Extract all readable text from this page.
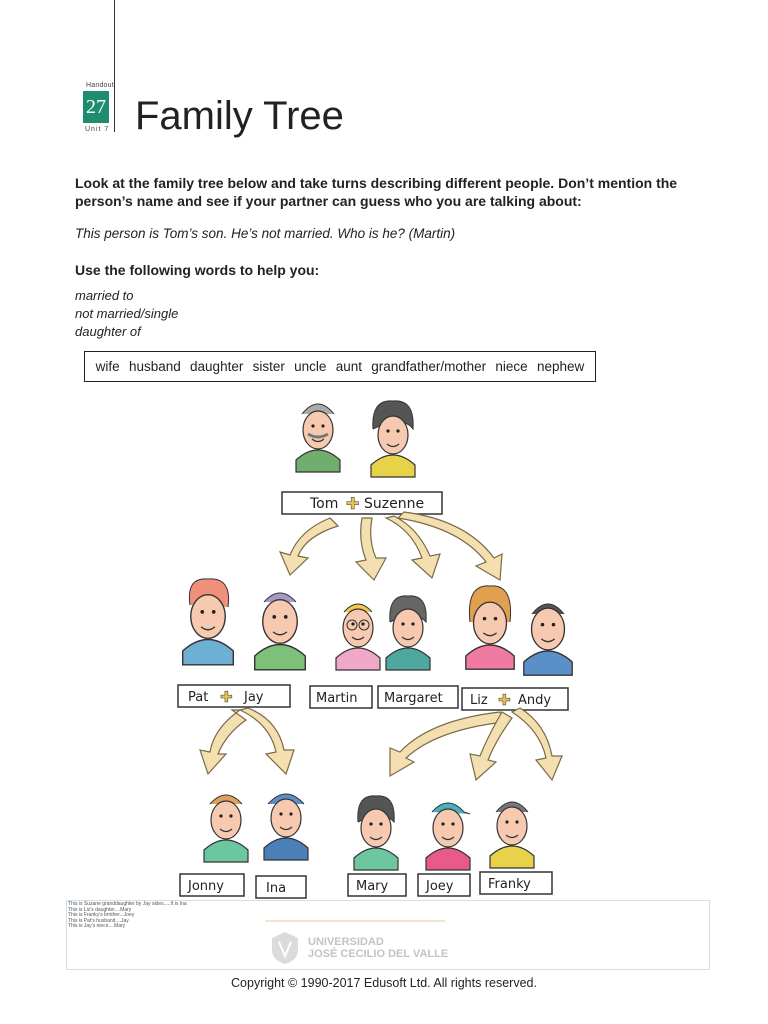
Handout
27
Unit 7 Family Tree
Look at the family tree below and take turns describing different people. Don’t mention the person’s name and see if your partner can guess who you are talking about:
This person is Tom’s son. He’s not married. Who is he? (Martin)
Use the following words to help you:
married to
not married/single
daughter of
wife husband daughter sister uncle aunt grandfather/mother niece nephew
Tom ✚ Suzenne
Pat ✚ Jay	Martin Margaret Liz ✚ Andy
Jonny	Ina	Mary	Joey	Franky
This is Suzane granddaughter by Jay sides.....It is Ina
This is Liz’s daughter....Mary
This is Franky’s brother...Joey
This is Pat’s husband....Jay
This is Jay’s niece....Mary
UNIVERSIDAD
JOSÉ CECILIO DEL VALLE
Copyright © 1990-2017 Edusoft Ltd. All rights reserved.
